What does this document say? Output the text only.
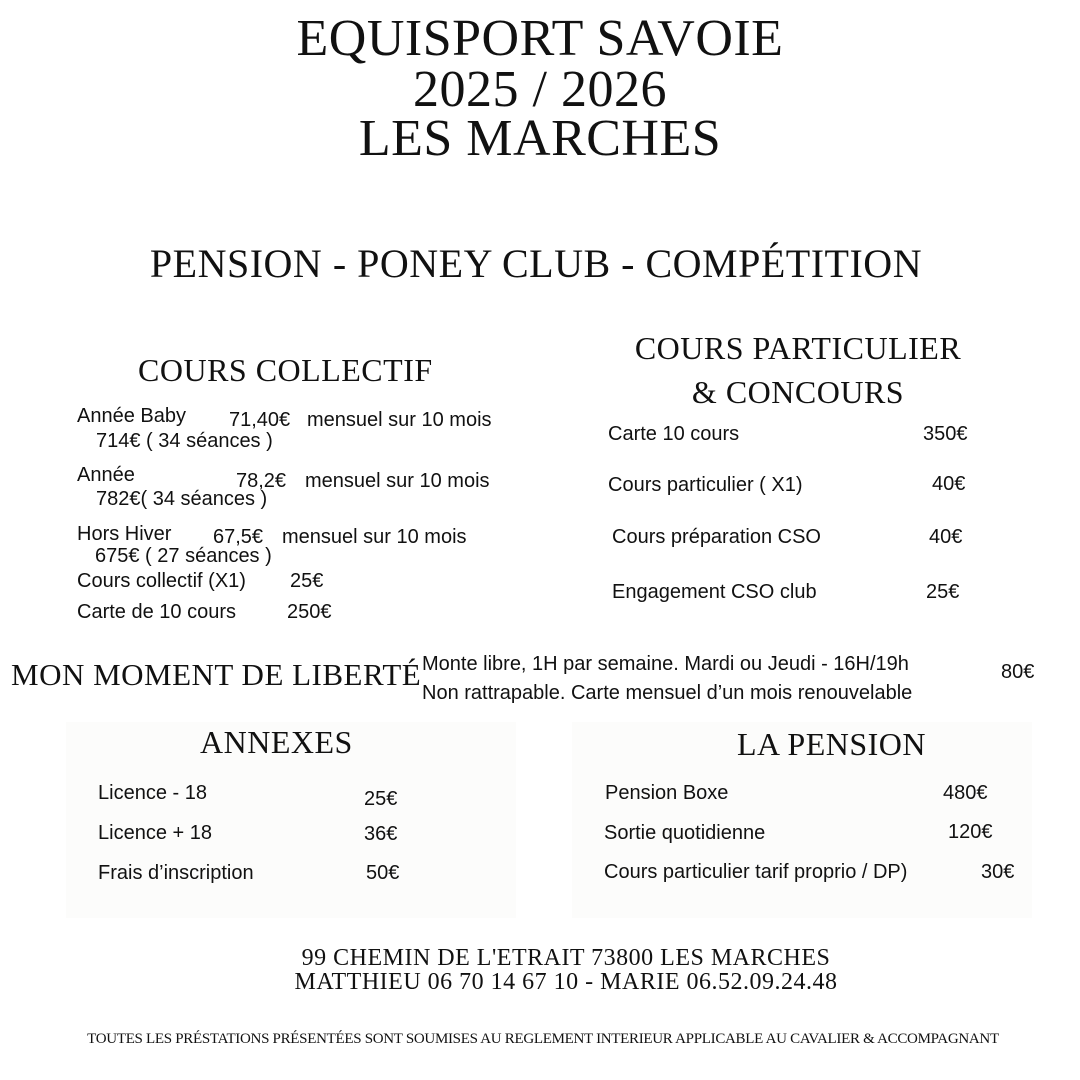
EQUISPORT SAVOIE
2025 / 2026
LES MARCHES
PENSION - PONEY CLUB - COMPÉTITION
COURS COLLECTIF
Année Baby 71,40€ mensuel sur 10 mois
714€ ( 34 séances )
Année	78,2€ mensuel sur 10 mois
782€( 34 séances )
Hors Hiver 67,5€ mensuel sur 10 mois
675€ ( 27 séances )
Cours collectif (X1) 25€
Carte de 10 cours	250€
COURS PARTICULIER
& CONCOURS
Carte 10 cours	350€
Cours particulier ( X1)	40€
Cours préparation CSO	40€
Engagement CSO club	25€
MON MOMENT DE LIBERTÉ Monte libre, 1H par semaine. Mardi ou Jeudi - 16H/19h
Non rattrapable. Carte mensuel d’un mois renouvelable
80€
ANNEXES
Licence - 18	25€
Licence + 18	36€
Frais d’inscription	50€
LA PENSION
Pension Boxe	480€
Sortie quotidienne	120€
Cours particulier tarif proprio / DP)	30€
99 CHEMIN DE L'ETRAIT 73800 LES MARCHES
MATTHIEU 06 70 14 67 10 - MARIE 06.52.09.24.48
TOUTES LES PRÉSTATIONS PRÉSENTÉES SONT SOUMISES AU REGLEMENT INTERIEUR APPLICABLE AU CAVALIER & ACCOMPAGNANT
